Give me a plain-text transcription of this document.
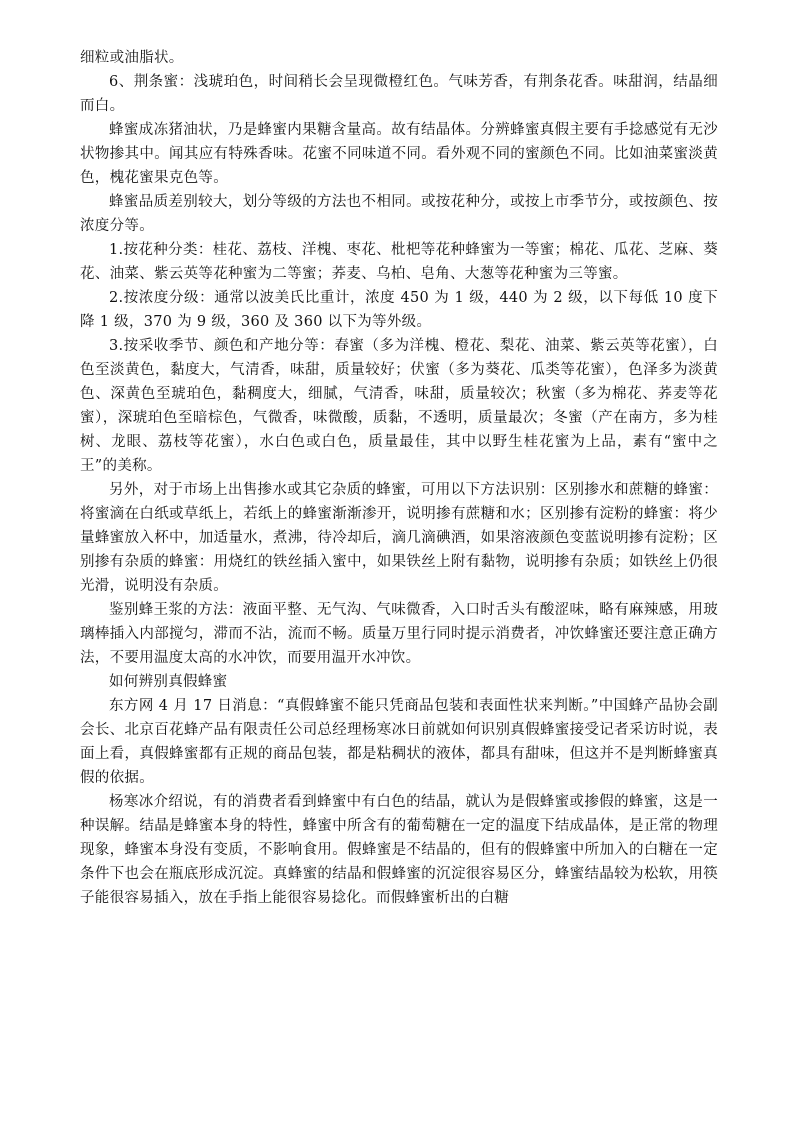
细粒或油脂状。

6、荆条蜜：浅琥珀色，时间稍长会呈现微橙红色。气味芳香，有荆条花香。味甜润，结晶细而白。

蜂蜜成冻猪油状，乃是蜂蜜内果糖含量高。故有结晶体。分辨蜂蜜真假主要有手捻感觉有无沙状物掺其中。闻其应有特殊香味。花蜜不同味道不同。看外观不同的蜜颜色不同。比如油菜蜜淡黄色，槐花蜜果克色等。

蜂蜜品质差别较大，划分等级的方法也不相同。或按花种分，或按上市季节分，或按颜色、按浓度分等。

1.按花种分类：桂花、荔枝、洋槐、枣花、枇杷等花种蜂蜜为一等蜜；棉花、瓜花、芝麻、葵花、油菜、紫云英等花种蜜为二等蜜；荞麦、乌柏、皂角、大葱等花种蜜为三等蜜。

2.按浓度分级：通常以波美氏比重计，浓度 450 为 1 级，440 为 2 级，以下每低 10 度下降 1 级，370 为 9 级，360 及 360 以下为等外级。

3.按采收季节、颜色和产地分等：春蜜（多为洋槐、橙花、梨花、油菜、紫云英等花蜜），白色至淡黄色，黏度大，气清香，味甜，质量较好；伏蜜（多为葵花、瓜类等花蜜），色泽多为淡黄色、深黄色至琥珀色，黏稠度大，细腻，气清香，味甜，质量较次；秋蜜（多为棉花、荞麦等花蜜），深琥珀色至暗棕色，气微香，味微酸，质黏，不透明，质量最次；冬蜜（产在南方，多为桂树、龙眼、荔枝等花蜜），水白色或白色，质量最佳，其中以野生桂花蜜为上品，素有“蜜中之王”的美称。

另外，对于市场上出售掺水或其它杂质的蜂蜜，可用以下方法识别：区别掺水和蔗糖的蜂蜜：将蜜滴在白纸或草纸上，若纸上的蜂蜜渐渐渗开，说明掺有蔗糖和水；区别掺有淀粉的蜂蜜：将少量蜂蜜放入杯中，加适量水，煮沸，待冷却后，滴几滴碘酒，如果溶液颜色变蓝说明掺有淀粉；区别掺有杂质的蜂蜜：用烧红的铁丝插入蜜中，如果铁丝上附有黏物，说明掺有杂质；如铁丝上仍很光滑，说明没有杂质。

鉴别蜂王浆的方法：液面平整、无气沟、气味微香，入口时舌头有酸涩味，略有麻辣感，用玻璃棒插入内部搅匀，滞而不沾，流而不畅。质量万里行同时提示消费者，冲饮蜂蜜还要注意正确方法，不要用温度太高的水冲饮，而要用温开水冲饮。

如何辨别真假蜂蜜

东方网 4 月 17 日消息：“真假蜂蜜不能只凭商品包装和表面性状来判断。”中国蜂产品协会副会长、北京百花蜂产品有限责任公司总经理杨寒冰日前就如何识别真假蜂蜜接受记者采访时说，表面上看，真假蜂蜜都有正规的商品包装，都是粘稠状的液体，都具有甜味，但这并不是判断蜂蜜真假的依据。

杨寒冰介绍说，有的消费者看到蜂蜜中有白色的结晶，就认为是假蜂蜜或掺假的蜂蜜，这是一种误解。结晶是蜂蜜本身的特性，蜂蜜中所含有的葡萄糖在一定的温度下结成晶体，是正常的物理现象，蜂蜜本身没有变质，不影响食用。假蜂蜜是不结晶的，但有的假蜂蜜中所加入的白糖在一定条件下也会在瓶底形成沉淀。真蜂蜜的结晶和假蜂蜜的沉淀很容易区分，蜂蜜结晶较为松软，用筷子能很容易插入，放在手指上能很容易捻化。而假蜂蜜析出的白糖
